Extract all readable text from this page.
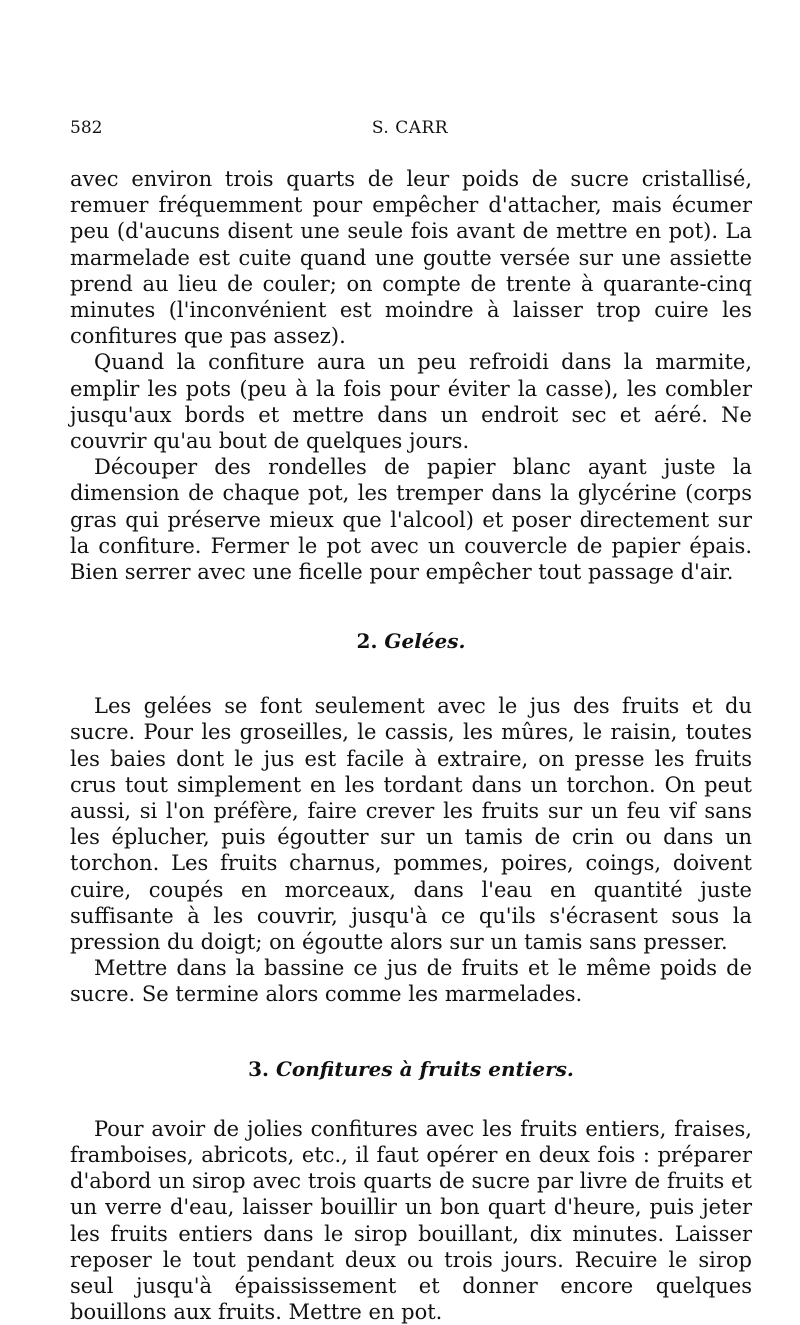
582	S. CARR

avec environ trois quarts de leur poids de sucre cristallisé, remuer fréquemment pour empêcher d'attacher, mais écumer peu (d'aucuns disent une seule fois avant de mettre en pot). La marmelade est cuite quand une goutte versée sur une assiette prend au lieu de couler; on compte de trente à quarante-cinq minutes (l'inconvénient est moindre à laisser trop cuire les confitures que pas assez).

Quand la confiture aura un peu refroidi dans la marmite, emplir les pots (peu à la fois pour éviter la casse), les combler jusqu'aux bords et mettre dans un endroit sec et aéré. Ne couvrir qu'au bout de quelques jours.

Découper des rondelles de papier blanc ayant juste la dimension de chaque pot, les tremper dans la glycérine (corps gras qui préserve mieux que l'alcool) et poser directement sur la confiture. Fermer le pot avec un couvercle de papier épais. Bien serrer avec une ficelle pour empêcher tout passage d'air.

2. Gelées.

Les gelées se font seulement avec le jus des fruits et du sucre. Pour les groseilles, le cassis, les mûres, le raisin, toutes les baies dont le jus est facile à extraire, on presse les fruits crus tout simplement en les tordant dans un torchon. On peut aussi, si l'on préfère, faire crever les fruits sur un feu vif sans les éplucher, puis égoutter sur un tamis de crin ou dans un torchon. Les fruits charnus, pommes, poires, coings, doivent cuire, coupés en morceaux, dans l'eau en quantité juste suffisante à les couvrir, jusqu'à ce qu'ils s'écrasent sous la pression du doigt; on égoutte alors sur un tamis sans presser.

Mettre dans la bassine ce jus de fruits et le même poids de sucre. Se termine alors comme les marmelades.

3. Confitures à fruits entiers.

Pour avoir de jolies confitures avec les fruits entiers, fraises, framboises, abricots, etc., il faut opérer en deux fois : préparer d'abord un sirop avec trois quarts de sucre par livre de fruits et un verre d'eau, laisser bouillir un bon quart d'heure, puis jeter les fruits entiers dans le sirop bouillant, dix minutes. Laisser reposer le tout pendant deux ou trois jours. Recuire le sirop seul jusqu'à épaississement et donner encore quelques bouillons aux fruits. Mettre en pot.
